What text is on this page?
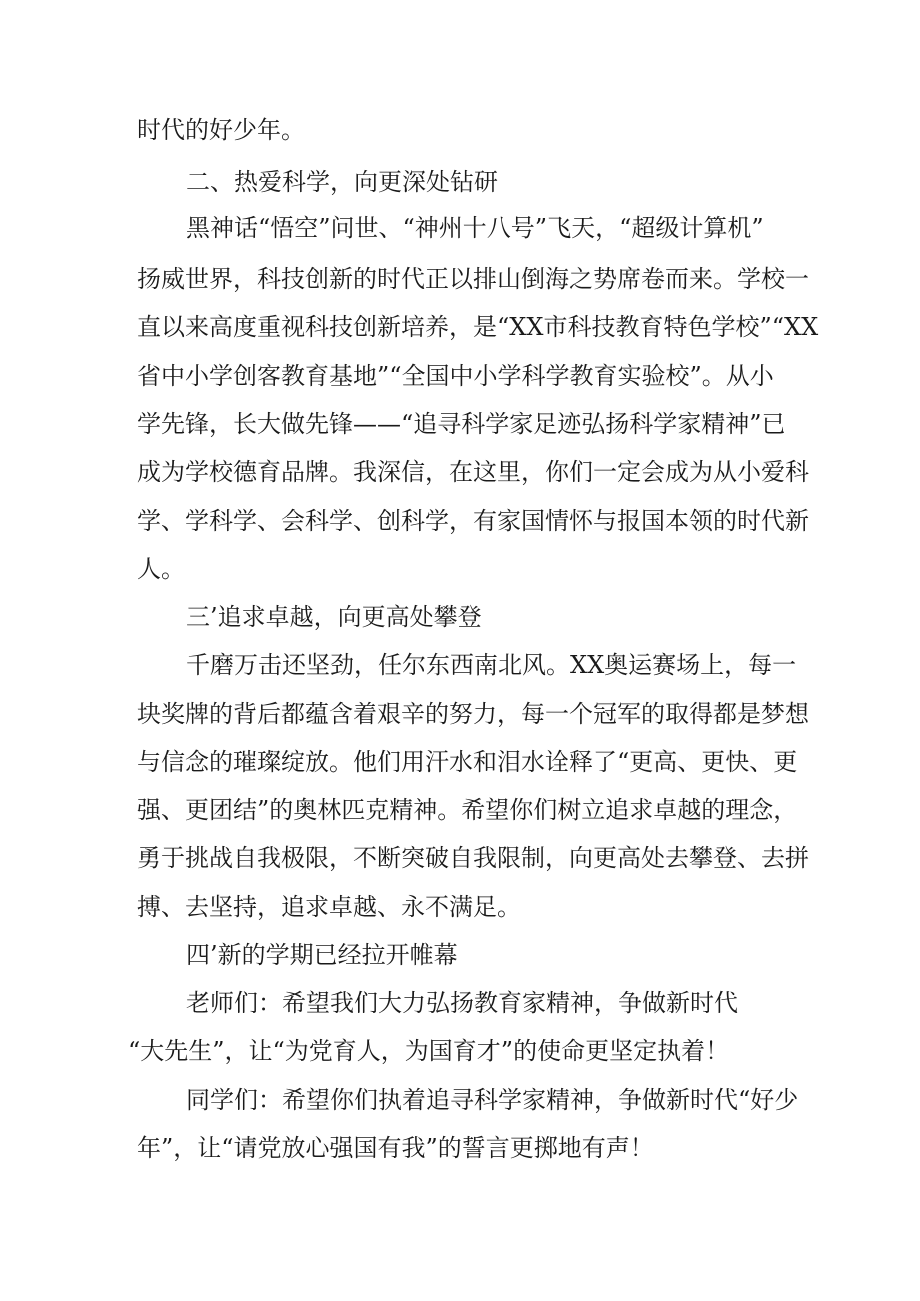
时代的好少年。
二、热爱科学，向更深处钻研
黑神话“悟空”问世、“神州十八号”飞天，“超级计算机”
扬威世界，科技创新的时代正以排山倒海之势席卷而来。学校一
直以来高度重视科技创新培养，是“XX市科技教育特色学校”“XX
省中小学创客教育基地”“全国中小学科学教育实验校”。从小
学先锋，长大做先锋——“追寻科学家足迹弘扬科学家精神”已
成为学校德育品牌。我深信，在这里，你们一定会成为从小爱科
学、学科学、会科学、创科学，有家国情怀与报国本领的时代新
人。
三’追求卓越，向更高处攀登
千磨万击还坚劲，任尔东西南北风。XX奥运赛场上，每一
块奖牌的背后都蕴含着艰辛的努力，每一个冠军的取得都是梦想
与信念的璀璨绽放。他们用汗水和泪水诠释了“更高、更快、更
强、更团结”的奥林匹克精神。希望你们树立追求卓越的理念，
勇于挑战自我极限，不断突破自我限制，向更高处去攀登、去拼
搏、去坚持，追求卓越、永不满足。
四’新的学期已经拉开帷幕
老师们：希望我们大力弘扬教育家精神，争做新时代
“大先生”，让“为党育人，为国育才”的使命更坚定执着！
同学们：希望你们执着追寻科学家精神，争做新时代“好少
年”，让“请党放心强国有我”的誓言更掷地有声！
